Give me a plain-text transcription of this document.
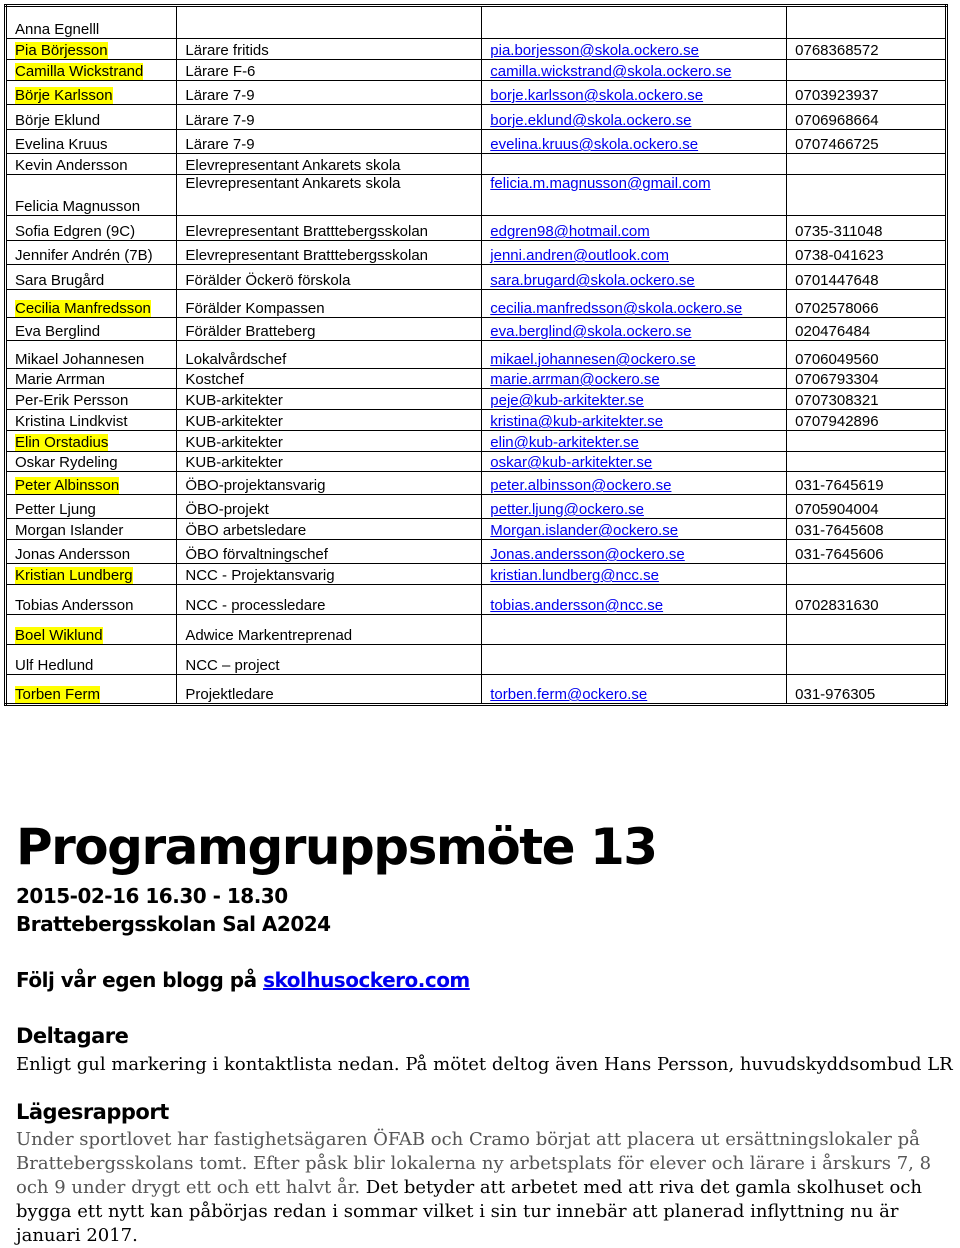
Anna Egnelll			
Pia Börjesson	Lärare fritids	pia.borjesson@skola.ockero.se	0768368572
Camilla Wickstrand	Lärare F-6	camilla.wickstrand@skola.ockero.se	
Börje Karlsson	Lärare 7-9	borje.karlsson@skola.ockero.se	0703923937
Börje Eklund	Lärare 7-9	borje.eklund@skola.ockero.se	0706968664
Evelina Kruus	Lärare 7-9	evelina.kruus@skola.ockero.se	0707466725
Kevin Andersson	Elevrepresentant Ankarets skola		
Felicia Magnusson	Elevrepresentant Ankarets skola	felicia.m.magnusson@gmail.com	
Sofia Edgren (9C)	Elevrepresentant Bratttebergsskolan	edgren98@hotmail.com	0735-311048
Jennifer Andrén (7B)	Elevrepresentant Bratttebergsskolan	jenni.andren@outlook.com	0738-041623
Sara Brugård	Förälder Öckerö förskola	sara.brugard@skola.ockero.se	0701447648
Cecilia Manfredsson	Förälder Kompassen	cecilia.manfredsson@skola.ockero.se	0702578066
Eva Berglind	Förälder Bratteberg	eva.berglind@skola.ockero.se	020476484
Mikael Johannesen	Lokalvårdschef	mikael.johannesen@ockero.se	0706049560
Marie Arrman	Kostchef	marie.arrman@ockero.se	0706793304
Per-Erik Persson	KUB-arkitekter	peje@kub-arkitekter.se	0707308321
Kristina Lindkvist	KUB-arkitekter	kristina@kub-arkitekter.se	0707942896
Elin Orstadius	KUB-arkitekter	elin@kub-arkitekter.se	
Oskar Rydeling	KUB-arkitekter	oskar@kub-arkitekter.se	
Peter Albinsson	ÖBO-projektansvarig	peter.albinsson@ockero.se	031-7645619
Petter Ljung	ÖBO-projekt	petter.ljung@ockero.se	0705904004
Morgan Islander	ÖBO arbetsledare	Morgan.islander@ockero.se	031-7645608
Jonas Andersson	ÖBO förvaltningschef	Jonas.andersson@ockero.se	031-7645606
Kristian Lundberg	NCC - Projektansvarig	kristian.lundberg@ncc.se	
Tobias Andersson	NCC - processledare	tobias.andersson@ncc.se	0702831630
Boel Wiklund	Adwice Markentreprenad		
Ulf Hedlund	NCC – project		
Torben Ferm	Projektledare	torben.ferm@ockero.se	031-976305
Programgruppsmöte 13

2015-02-16 16.30 - 18.30

Brattebergsskolan Sal A2024

Följ vår egen blogg på skolhusockero.com

Deltagare

Enligt gul markering i kontaktlista nedan. På mötet deltog även Hans Persson, huvudskyddsombud LR

Lägesrapport

Under sportlovet har fastighetsägaren ÖFAB och Cramo börjat att placera ut ersättningslokaler på Brattebergsskolans tomt. Efter påsk blir lokalerna ny arbetsplats för elever och lärare i årskurs 7, 8 och 9 under drygt ett och ett halvt år. Det betyder att arbetet med att riva det gamla skolhuset och bygga ett nytt kan påbörjas redan i sommar vilket i sin tur innebär att planerad inflyttning nu är januari 2017.
